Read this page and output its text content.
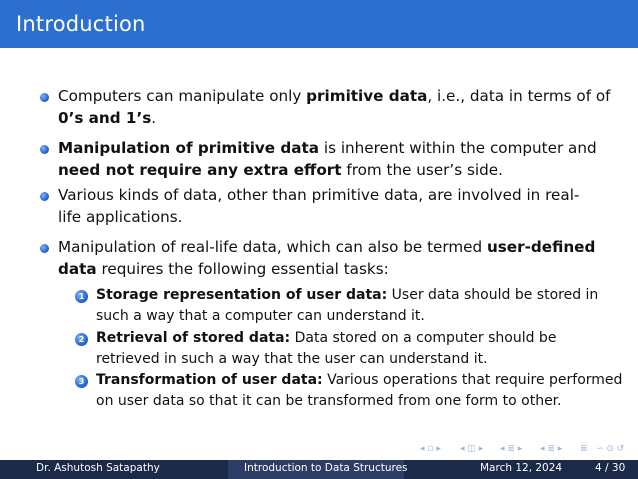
Introduction
Computers can manipulate only primitive data, i.e., data in terms of of 0’s and 1’s.
Manipulation of primitive data is inherent within the computer and need not require any extra effort from the user’s side.
Various kinds of data, other than primitive data, are involved in real-life applications.
Manipulation of real-life data, which can also be termed user-defined data requires the following essential tasks:
1 Storage representation of user data: User data should be stored in such a way that a computer can understand it.
2 Retrieval of stored data: Data stored on a computer should be retrieved in such a way that the user can understand it.
3 Transformation of user data: Various operations that require performed on user data so that it can be transformed from one form to other.
◂ ▫ ▸ ◂ ◫ ▸ ◂ ≣ ▸ ◂ ≣ ▸ ≣ ∽ ⊙ ↺
Dr. Ashutosh Satapathy	Introduction to Data Structures	March 12, 2024	4 / 30
